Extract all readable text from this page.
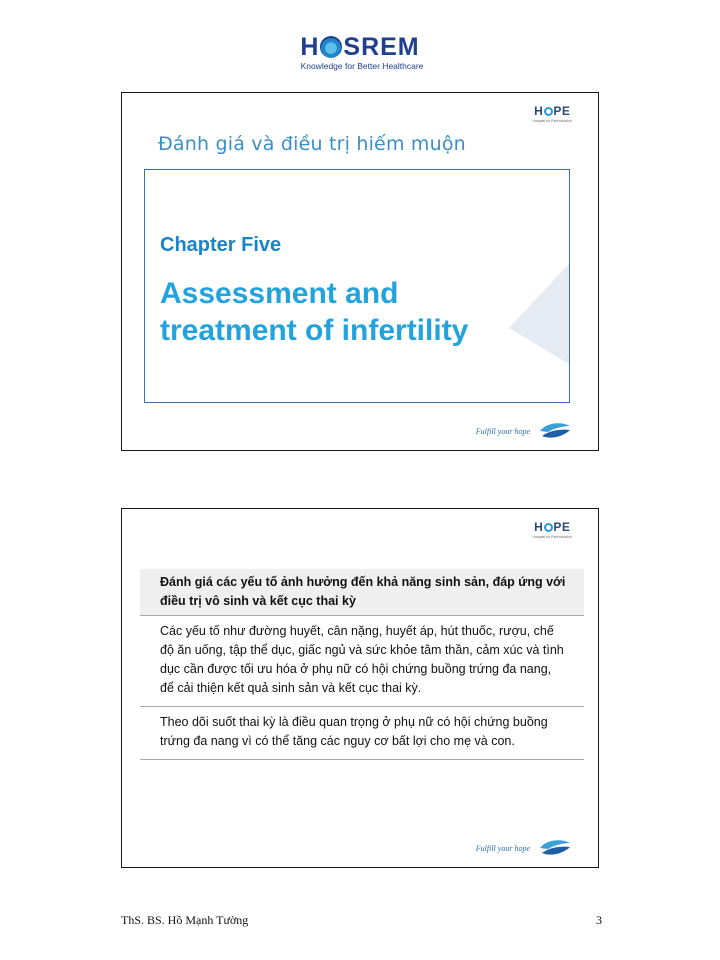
H SREM
Knowledge for Better Healthcare
H PE
Hospital for Reproduction
Đánh giá và điều trị hiếm muộn
Chapter Five
Assessment and
treatment of infertility
Fulfill your hope
H PE
Hospital for Reproduction
Đánh giá các yếu tố ảnh hưởng đến khả năng sinh sản, đáp ứng với điều trị vô sinh và kết cục thai kỳ
Các yếu tố như đường huyết, cân nặng, huyết áp, hút thuốc, rượu, chế độ ăn uống, tập thể dục, giấc ngủ và sức khỏe tâm thần, cảm xúc và tình dục cần được tối ưu hóa ở phụ nữ có hội chứng buồng trứng đa nang, để cải thiện kết quả sinh sản và kết cục thai kỳ.
Theo dõi suốt thai kỳ là điều quan trọng ở phụ nữ có hội chứng buồng trứng đa nang vì có thể tăng các nguy cơ bất lợi cho mẹ và con.
Fulfill your hope
ThS. BS. Hồ Mạnh Tường	3
